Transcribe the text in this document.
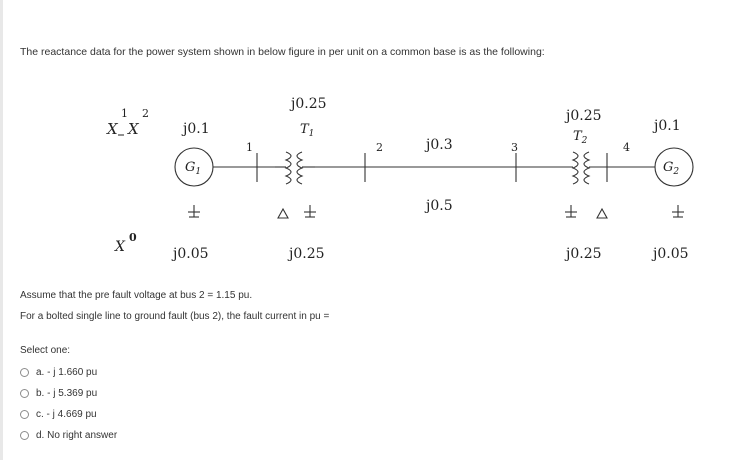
The reactance data for the power system shown in below figure in per unit on a common base is as the following:
X
1
X
2
X
0
j0.1
$G_1$
j0.05
1
j0.25
$T_1$
j0.25
2	j0.3
j0.5
3
j0.25
$T_2$	4
j0.25
j0.1
$G_2$
j0.05
Assume that the pre fault voltage at bus 2 = 1.15 pu.
For a bolted single line to ground fault (bus 2), the fault current in pu =
Select one:
a. - j 1.660 pu
b. - j 5.369 pu
c. - j 4.669 pu
d. No right answer
